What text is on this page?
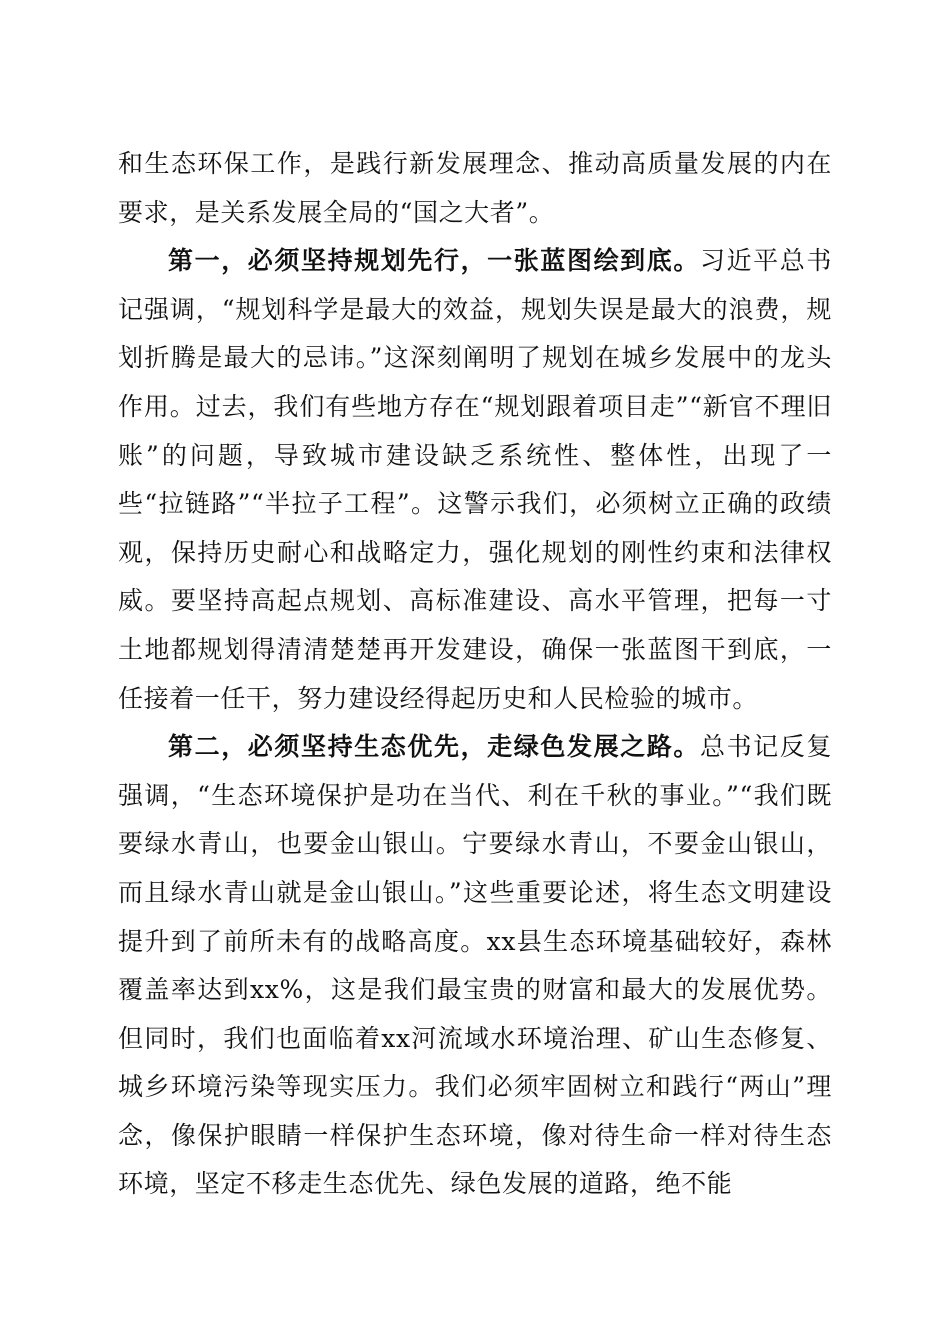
和生态环保工作，是践行新发展理念、推动高质量发展的内在要求，是关系发展全局的“国之大者”。

第一，必须坚持规划先行，一张蓝图绘到底。习近平总书记强调，“规划科学是最大的效益，规划失误是最大的浪费，规划折腾是最大的忌讳。”这深刻阐明了规划在城乡发展中的龙头作用。过去，我们有些地方存在“规划跟着项目走”“新官不理旧账”的问题，导致城市建设缺乏系统性、整体性，出现了一些“拉链路”“半拉子工程”。这警示我们，必须树立正确的政绩观，保持历史耐心和战略定力，强化规划的刚性约束和法律权威。要坚持高起点规划、高标准建设、高水平管理，把每一寸土地都规划得清清楚楚再开发建设，确保一张蓝图干到底，一任接着一任干，努力建设经得起历史和人民检验的城市。

第二，必须坚持生态优先，走绿色发展之路。总书记反复强调，“生态环境保护是功在当代、利在千秋的事业。”“我们既要绿水青山，也要金山银山。宁要绿水青山，不要金山银山，而且绿水青山就是金山银山。”这些重要论述，将生态文明建设提升到了前所未有的战略高度。xx县生态环境基础较好，森林覆盖率达到xx%，这是我们最宝贵的财富和最大的发展优势。但同时，我们也面临着xx河流域水环境治理、矿山生态修复、城乡环境污染等现实压力。我们必须牢固树立和践行“两山”理念，像保护眼睛一样保护生态环境，像对待生命一样对待生态环境，坚定不移走生态优先、绿色发展的道路，绝不能
